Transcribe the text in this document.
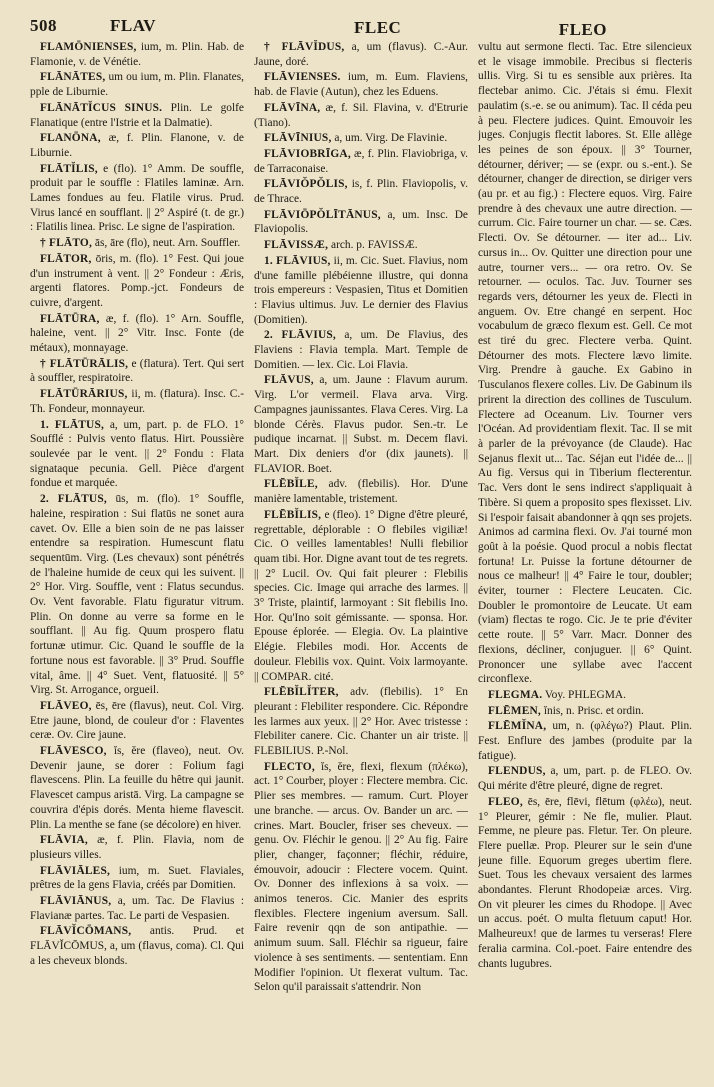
508	FLAV	FLEC	FLEO

FLAMŌNIENSES, ium, m. Plin. Hab. de Flamonie, v. de Vénétie.

FLĀNĀTES, um ou ium, m. Plin. Flanates, pple de Liburnie.

FLĀNĀTĬCUS SINUS. Plin. Le golfe Flanatique (entre l'Istrie et la Dalmatie).

FLANŌNA, æ, f. Plin. Flanone, v. de Liburnie.

FLĀTĬLIS, e (flo). 1° Amm. De souffle, produit par le souffle : Flatiles laminæ. Arn. Lames fondues au feu. Flatile virus. Prud. Virus lancé en soufflant. || 2° Aspiré (t. de gr.) : Flatilis linea. Prisc. Le signe de l'aspiration.

† FLĀTO, ās, āre (flo), neut. Arn. Souffler.

FLĀTOR, ōris, m. (flo). 1° Fest. Qui joue d'un instrument à vent. || 2° Fondeur : Æris, argenti flatores. Pomp.-jct. Fondeurs de cuivre, d'argent.

FLĀTŪRA, æ, f. (flo). 1° Arn. Souffle, haleine, vent. || 2° Vitr. Insc. Fonte (de métaux), monnayage.

† FLĀTŪRĀLIS, e (flatura). Tert. Qui sert à souffler, respiratoire.

FLĀTŪRĀRIUS, ii, m. (flatura). Insc. C.-Th. Fondeur, monnayeur.

1. FLĀTUS, a, um, part. p. de FLO. 1° Soufflé : Pulvis vento flatus. Hirt. Poussière soulevée par le vent. || 2° Fondu : Flata signataque pecunia. Gell. Pièce d'argent fondue et marquée.

2. FLĀTUS, ūs, m. (flo). 1° Souffle, haleine, respiration : Sui flatūs ne sonet aura cavet. Ov. Elle a bien soin de ne pas laisser entendre sa respiration. Humescunt flatu sequentūm. Virg. (Les chevaux) sont pénétrés de l'haleine humide de ceux qui les suivent. || 2° Hor. Virg. Souffle, vent : Flatus secundus. Ov. Vent favorable. Flatu figuratur vitrum. Plin. On donne au verre sa forme en le soufflant. || Au fig. Quum prospero flatu fortunæ utimur. Cic. Quand le souffle de la fortune nous est favorable. || 3° Prud. Souffle vital, âme. || 4° Suet. Vent, flatuosité. || 5° Virg. St. Arrogance, orgueil.

FLĀVEO, ēs, ēre (flavus), neut. Col. Virg. Etre jaune, blond, de couleur d'or : Flaventes ceræ. Ov. Cire jaune.

FLĀVESCO, ĭs, ĕre (flaveo), neut. Ov. Devenir jaune, se dorer : Folium fagi flavescens. Plin. La feuille du hêtre qui jaunit. Flavescet campus aristā. Virg. La campagne se couvrira d'épis dorés. Menta hieme flavescit. Plin. La menthe se fane (se décolore) en hiver.

FLĀVIA, æ, f. Plin. Flavia, nom de plusieurs villes.

FLĀVIĀLES, ium, m. Suet. Flaviales, prêtres de la gens Flavia, créés par Domitien.

FLĀVIĀNUS, a, um. Tac. De Flavius : Flavianæ partes. Tac. Le parti de Vespasien.

FLĀVĬCŌMANS, antis. Prud. et FLĀVĬCŌMUS, a, um (flavus, coma). Cl. Qui a les cheveux blonds.

† FLĀVĬDUS, a, um (flavus). C.-Aur. Jaune, doré.

FLĀVIENSES. ium, m. Eum. Flaviens, hab. de Flavie (Autun), chez les Eduens.

FLĀVĪNA, æ, f. Sil. Flavina, v. d'Etrurie (Tiano).

FLĀVĪNIUS, a, um. Virg. De Flavinie.

FLĀVIOBRĪGA, æ, f. Plin. Flaviobriga, v. de Tarraconaise.

FLĀVIŎPŎLIS, is, f. Plin. Flaviopolis, v. de Thrace.

FLĀVIŌPŎLĪTĀNUS, a, um. Insc. De Flaviopolis.

FLĀVISSÆ, arch. p. FAVISSÆ.

1. FLĀVIUS, ii, m. Cic. Suet. Flavius, nom d'une famille plébéienne illustre, qui donna trois empereurs : Vespasien, Titus et Domitien : Flavius ultimus. Juv. Le dernier des Flavius (Domitien).

2. FLĀVIUS, a, um. De Flavius, des Flaviens : Flavia templa. Mart. Temple de Domitien. — lex. Cic. Loi Flavia.

FLĀVUS, a, um. Jaune : Flavum aurum. Virg. L'or vermeil. Flava arva. Virg. Campagnes jaunissantes. Flava Ceres. Virg. La blonde Cérès. Flavus pudor. Sen.-tr. Le pudique incarnat. || Subst. m. Decem flavi. Mart. Dix deniers d'or (dix jaunets). || FLAVIOR. Boet.

FLĒBĬLE, adv. (flebilis). Hor. D'une manière lamentable, tristement.

FLĒBĬLIS, e (fleo). 1° Digne d'être pleuré, regrettable, déplorable : O flebiles vigiliæ! Cic. O veilles lamentables! Nulli flebilior quam tibi. Hor. Digne avant tout de tes regrets. || 2° Lucil. Ov. Qui fait pleurer : Flebilis species. Cic. Image qui arrache des larmes. || 3° Triste, plaintif, larmoyant : Sit flebilis Ino. Hor. Qu'Ino soit gémissante. — sponsa. Hor. Epouse éplorée. — Elegia. Ov. La plaintive Elégie. Flebiles modi. Hor. Accents de douleur. Flebilis vox. Quint. Voix larmoyante. || COMPAR. cité.

FLĒBĬLĬTER, adv. (flebilis). 1° En pleurant : Flebiliter respondere. Cic. Répondre les larmes aux yeux. || 2° Hor. Avec tristesse : Flebiliter canere. Cic. Chanter un air triste. || FLEBILIUS. P.-Nol.

FLECTO, ĭs, ĕre, flexi, flexum (πλέκω), act. 1° Courber, ployer : Flectere membra. Cic. Plier ses membres. — ramum. Curt. Ployer une branche. — arcus. Ov. Bander un arc. — crines. Mart. Boucler, friser ses cheveux. — genu. Ov. Fléchir le genou. || 2° Au fig. Faire plier, changer, façonner; fléchir, réduire, émouvoir, adoucir : Flectere vocem. Quint. Ov. Donner des inflexions à sa voix. — animos teneros. Cic. Manier des esprits flexibles. Flectere ingenium aversum. Sall. Faire revenir qqn de son antipathie. — animum suum. Sall. Fléchir sa rigueur, faire violence à ses sentiments. — sententiam. Enn Modifier l'opinion. Ut flexerat vultum. Tac. Selon qu'il paraissait s'attendrir. Non

vultu aut sermone flecti. Tac. Etre silencieux et le visage immobile. Precibus si flecteris ullis. Virg. Si tu es sensible aux prières. Ita flectebar animo. Cic. J'étais si ému. Flexit paulatim (s.-e. se ou animum). Tac. Il céda peu à peu. Flectere judices. Quint. Emouvoir les juges. Conjugis flectit labores. St. Elle allège les peines de son époux. || 3° Tourner, détourner, dériver; — se (expr. ou s.-ent.). Se détourner, changer de direction, se diriger vers (au pr. et au fig.) : Flectere equos. Virg. Faire prendre à des chevaux une autre direction. — currum. Cic. Faire tourner un char. — se. Cæs. Flecti. Ov. Se détourner. — iter ad... Liv. cursus in... Ov. Quitter une direction pour une autre, tourner vers... — ora retro. Ov. Se retourner. — oculos. Tac. Juv. Tourner ses regards vers, détourner les yeux de. Flecti in anguem. Ov. Etre changé en serpent. Hoc vocabulum de græco flexum est. Gell. Ce mot est tiré du grec. Flectere verba. Quint. Détourner des mots. Flectere lævo limite. Virg. Prendre à gauche. Ex Gabino in Tusculanos flexere colles. Liv. De Gabinum ils prirent la direction des collines de Tusculum. Flectere ad Oceanum. Liv. Tourner vers l'Océan. Ad providentiam flexit. Tac. Il se mit à parler de la prévoyance (de Claude). Hac Sejanus flexit ut... Tac. Séjan eut l'idée de... || Au fig. Versus qui in Tiberium flecterentur. Tac. Vers dont le sens indirect s'appliquait à Tibère. Si quem a proposito spes flexisset. Liv. Si l'espoir faisait abandonner à qqn ses projets. Animos ad carmina flexi. Ov. J'ai tourné mon goût à la poésie. Quod procul a nobis flectat fortuna! Lr. Puisse la fortune détourner de nous ce malheur! || 4° Faire le tour, doubler; éviter, tourner : Flectere Leucaten. Cic. Doubler le promontoire de Leucate. Ut eam (viam) flectas te rogo. Cic. Je te prie d'éviter cette route. || 5° Varr. Macr. Donner des flexions, décliner, conjuguer. || 6° Quint. Prononcer une syllabe avec l'accent circonflexe.

FLEGMA. Voy. PHLEGMA.

FLĒMEN, ĭnis, n. Prisc. et ordin.

FLĒMĬNA, um, n. (φλέγω?) Plaut. Plin. Fest. Enflure des jambes (produite par la fatigue).

FLENDUS, a, um, part. p. de FLEO. Ov. Qui mérite d'être pleuré, digne de regret.

FLEO, ēs, ēre, flēvi, flētum (φλέω), neut. 1° Pleurer, gémir : Ne fle, mulier. Plaut. Femme, ne pleure pas. Fletur. Ter. On pleure. Flere puellæ. Prop. Pleurer sur le sein d'une jeune fille. Equorum greges ubertim flere. Suet. Tous les chevaux versaient des larmes abondantes. Flerunt Rhodopeiæ arces. Virg. On vit pleurer les cimes du Rhodope. || Avec un accus. poét. O multa fletuum caput! Hor. Malheureux! que de larmes tu verseras! Flere feralia carmina. Col.-poet. Faire entendre des chants lugubres.
